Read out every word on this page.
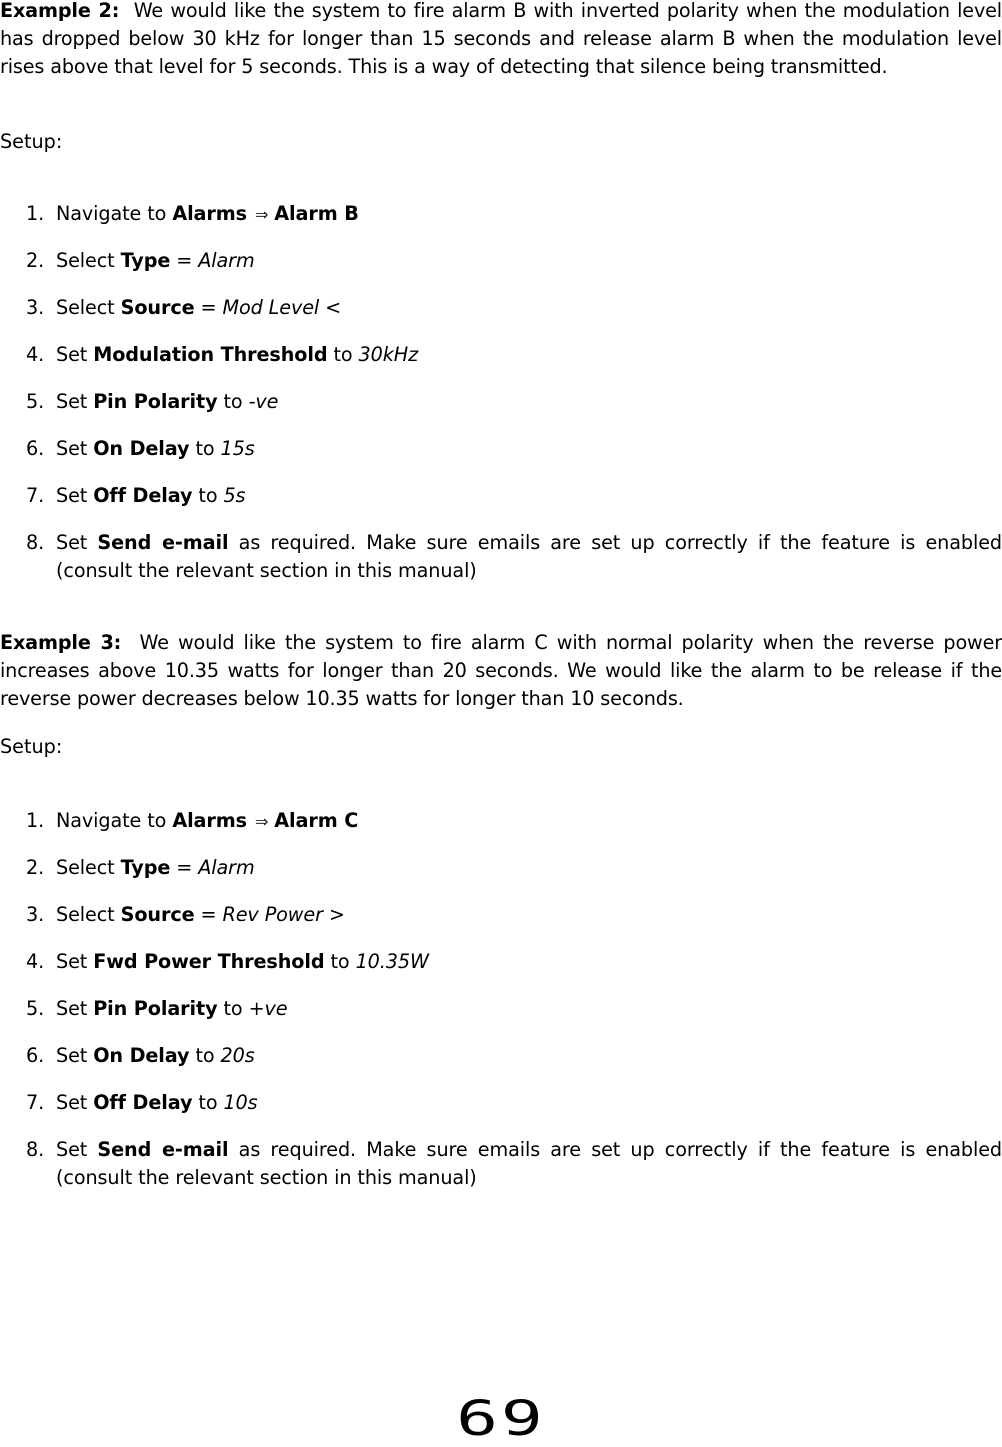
Example 2: We would like the system to fire alarm B with inverted polarity when the modulation level has dropped below 30 kHz for longer than 15 seconds and release alarm B when the modulation level rises above that level for 5 seconds. This is a way of detecting that silence being transmitted.

Setup:

1. Navigate to Alarms ⇒ Alarm B
2. Select Type = Alarm
3. Select Source = Mod Level <
4. Set Modulation Threshold to 30kHz
5. Set Pin Polarity to -ve
6. Set On Delay to 15s
7. Set Off Delay to 5s
8. Set Send e-mail as required. Make sure emails are set up correctly if the feature is enabled (consult the relevant section in this manual)

Example 3: We would like the system to fire alarm C with normal polarity when the reverse power increases above 10.35 watts for longer than 20 seconds. We would like the alarm to be release if the reverse power decreases below 10.35 watts for longer than 10 seconds.

Setup:

1. Navigate to Alarms ⇒ Alarm C
2. Select Type = Alarm
3. Select Source = Rev Power >
4. Set Fwd Power Threshold to 10.35W
5. Set Pin Polarity to +ve
6. Set On Delay to 20s
7. Set Off Delay to 10s
8. Set Send e-mail as required. Make sure emails are set up correctly if the feature is enabled (consult the relevant section in this manual)
69
